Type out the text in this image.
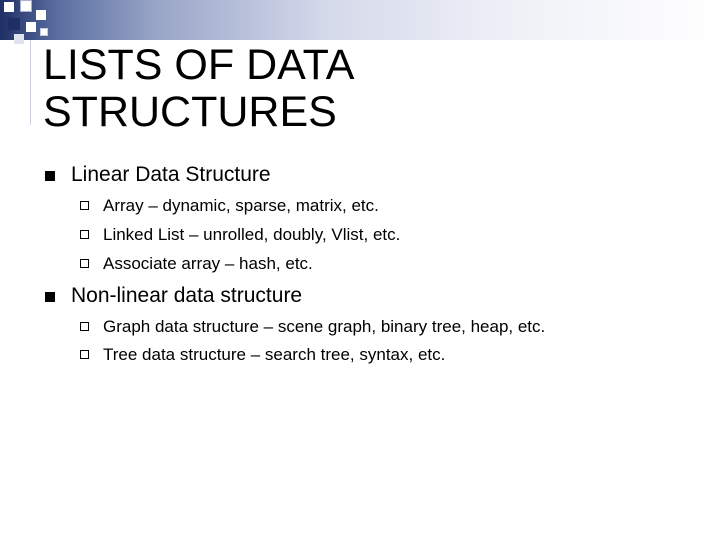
LISTS OF DATA
STRUCTURES
Linear Data Structure
Array – dynamic, sparse, matrix, etc.
Linked List – unrolled, doubly, Vlist, etc.
Associate array – hash, etc.
Non-linear data structure
Graph data structure – scene graph, binary tree, heap, etc.
Tree data structure – search tree, syntax, etc.
